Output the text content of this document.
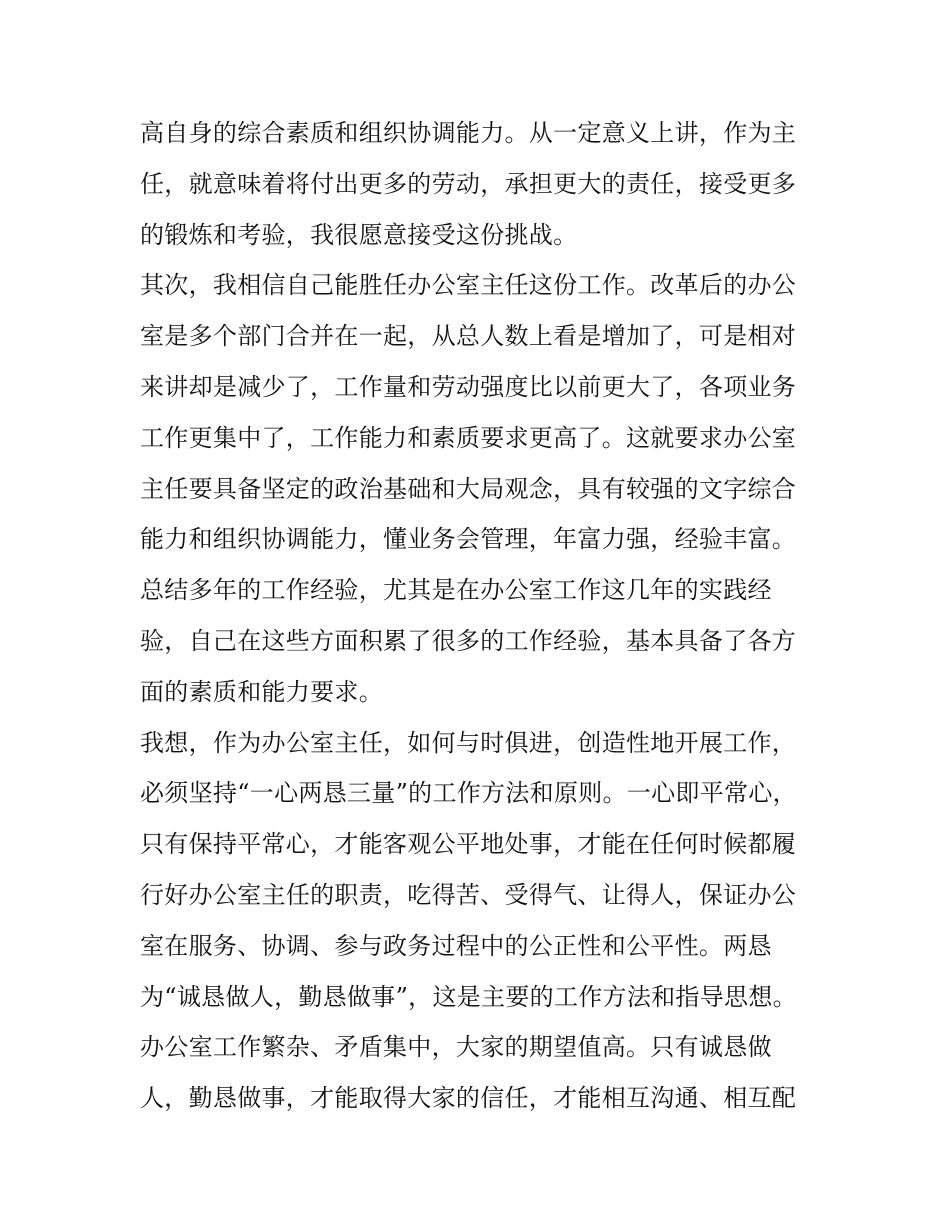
高自身的综合素质和组织协调能力。从一定意义上讲，作为主
任，就意味着将付出更多的劳动，承担更大的责任，接受更多
的锻炼和考验，我很愿意接受这份挑战。
其次，我相信自己能胜任办公室主任这份工作。改革后的办公
室是多个部门合并在一起，从总人数上看是增加了，可是相对
来讲却是减少了，工作量和劳动强度比以前更大了，各项业务
工作更集中了，工作能力和素质要求更高了。这就要求办公室
主任要具备坚定的政治基础和大局观念，具有较强的文字综合
能力和组织协调能力，懂业务会管理，年富力强，经验丰富。
总结多年的工作经验，尤其是在办公室工作这几年的实践经
验，自己在这些方面积累了很多的工作经验，基本具备了各方
面的素质和能力要求。
我想，作为办公室主任，如何与时俱进，创造性地开展工作，
必须坚持“一心两恳三量”的工作方法和原则。一心即平常心，
只有保持平常心，才能客观公平地处事，才能在任何时候都履
行好办公室主任的职责，吃得苦、受得气、让得人，保证办公
室在服务、协调、参与政务过程中的公正性和公平性。两恳
为“诚恳做人，勤恳做事”，这是主要的工作方法和指导思想。
办公室工作繁杂、矛盾集中，大家的期望值高。只有诚恳做
人，勤恳做事，才能取得大家的信任，才能相互沟通、相互配
